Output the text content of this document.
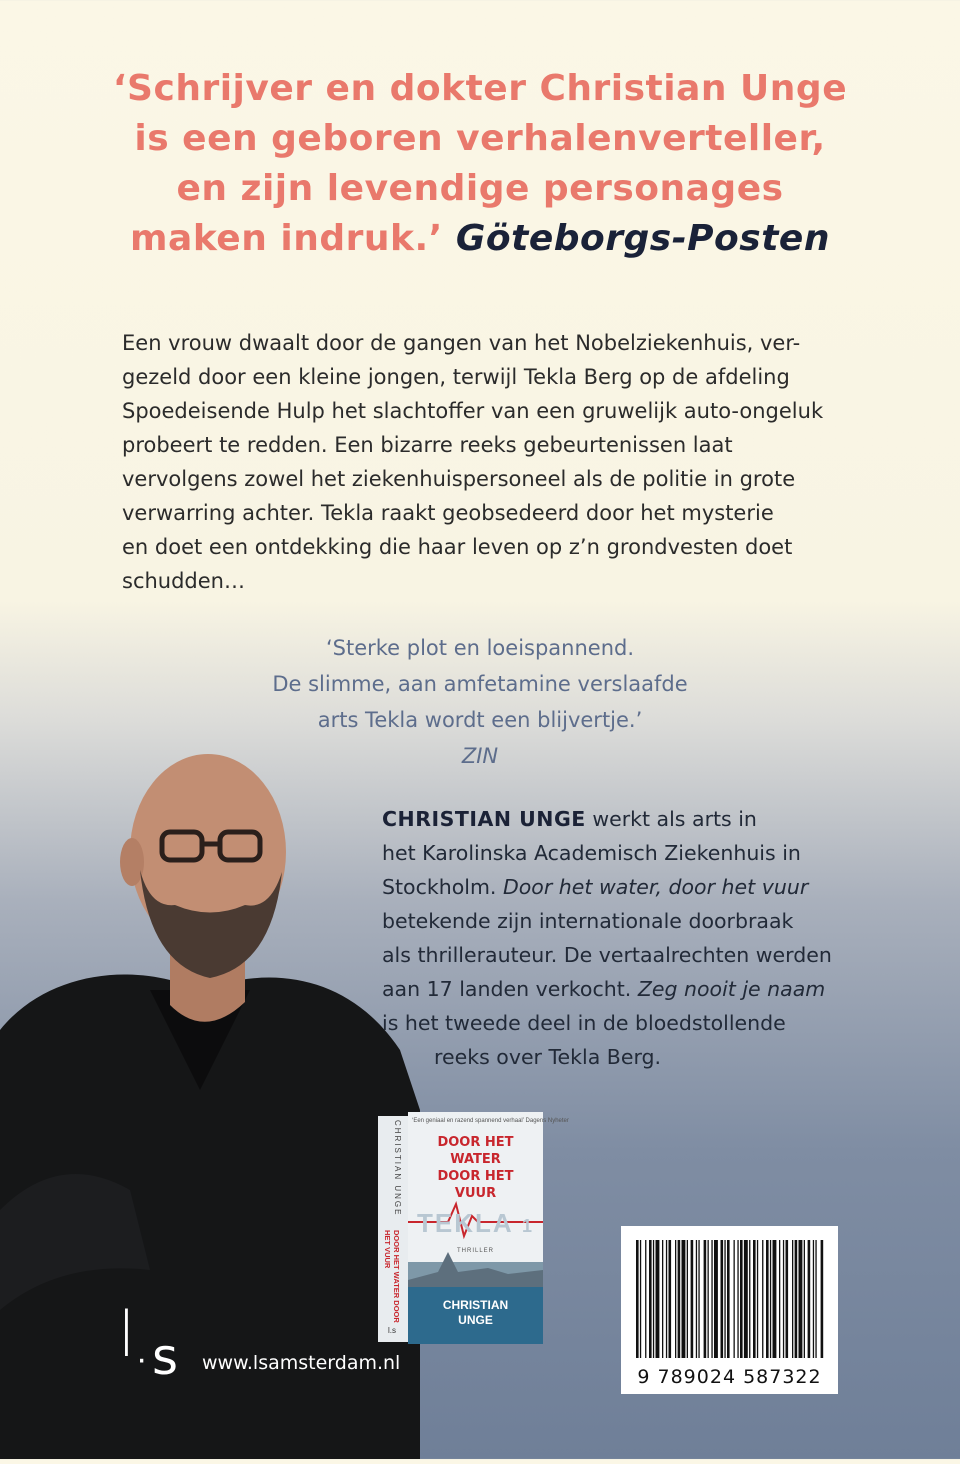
‘Schrijver en dokter Christian Unge
is een geboren verhalenverteller,
en zijn levendige personages
maken indruk.’ Göteborgs-Posten
Een vrouw dwaalt door de gangen van het Nobelziekenhuis, ver-
gezeld door een kleine jongen, terwijl Tekla Berg op de afdeling
Spoedeisende Hulp het slachtoffer van een gruwelijk auto-ongeluk
probeert te redden. Een bizarre reeks gebeurtenissen laat
vervolgens zowel het ziekenhuispersoneel als de politie in grote
verwarring achter. Tekla raakt geobsedeerd door het mysterie
en doet een ontdekking die haar leven op z’n grondvesten doet
schudden…
‘Sterke plot en loeispannend.
De slimme, aan amfetamine verslaafde
arts Tekla wordt een blijvertje.’
ZIN
CHRISTIAN UNGE werkt als arts in
het Karolinska Academisch Ziekenhuis in
Stockholm. Door het water, door het vuur
betekende zijn internationale doorbraak
als thrillerauteur. De vertaalrechten werden
aan 17 landen verkocht. Zeg nooit je naam
is het tweede deel in de bloedstollende
reeks over Tekla Berg.
‘Een geniaal en razend spannend verhaal’ Dagens Nyheter
CHRISTIAN UNGE
DOOR HET WATER DOOR HET VUUR
DOOR HET
WATER
DOOR HET
VUUR
TEKLA 1
THRILLER
CHRISTIAN
UNGE
l.s
9 789024 587322
l · s www.lsamsterdam.nl
